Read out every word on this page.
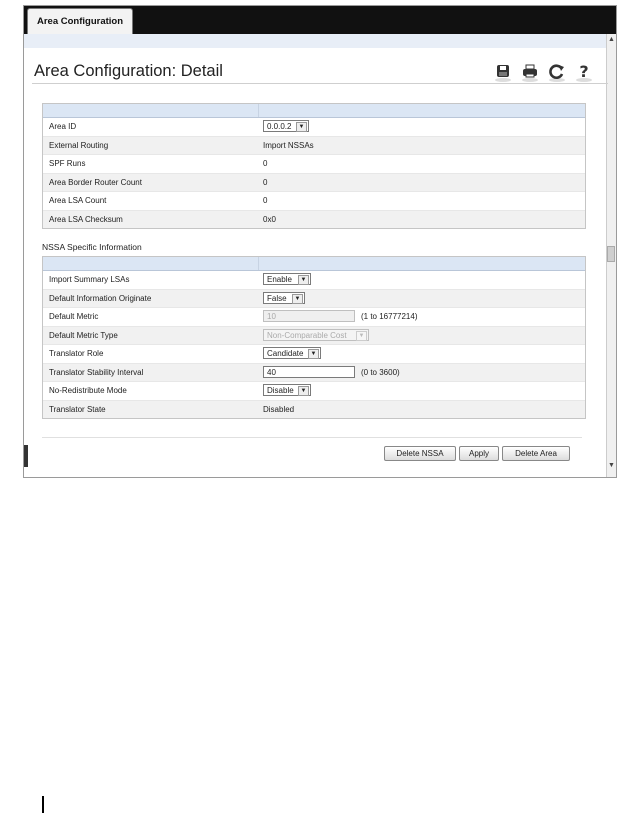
Area Configuration
▲
▼
Area Configuration: Detail	?
Area ID	0.0.0.2	▼
External Routing	Import NSSAs
SPF Runs	0
Area Border Router Count	0
Area LSA Count	0
Area LSA Checksum	0x0
NSSA Specific Information
Import Summary LSAs	Enable	▼
Default Information Originate	False	▼
Default Metric	10	(1 to 16777214)
Default Metric Type	Non-Comparable Cost	▼
Translator Role	Candidate	▼
Translator Stability Interval	40	(0 to 3600)
No-Redistribute Mode	Disable	▼
Translator State	Disabled
Delete NSSA	Apply	Delete Area
